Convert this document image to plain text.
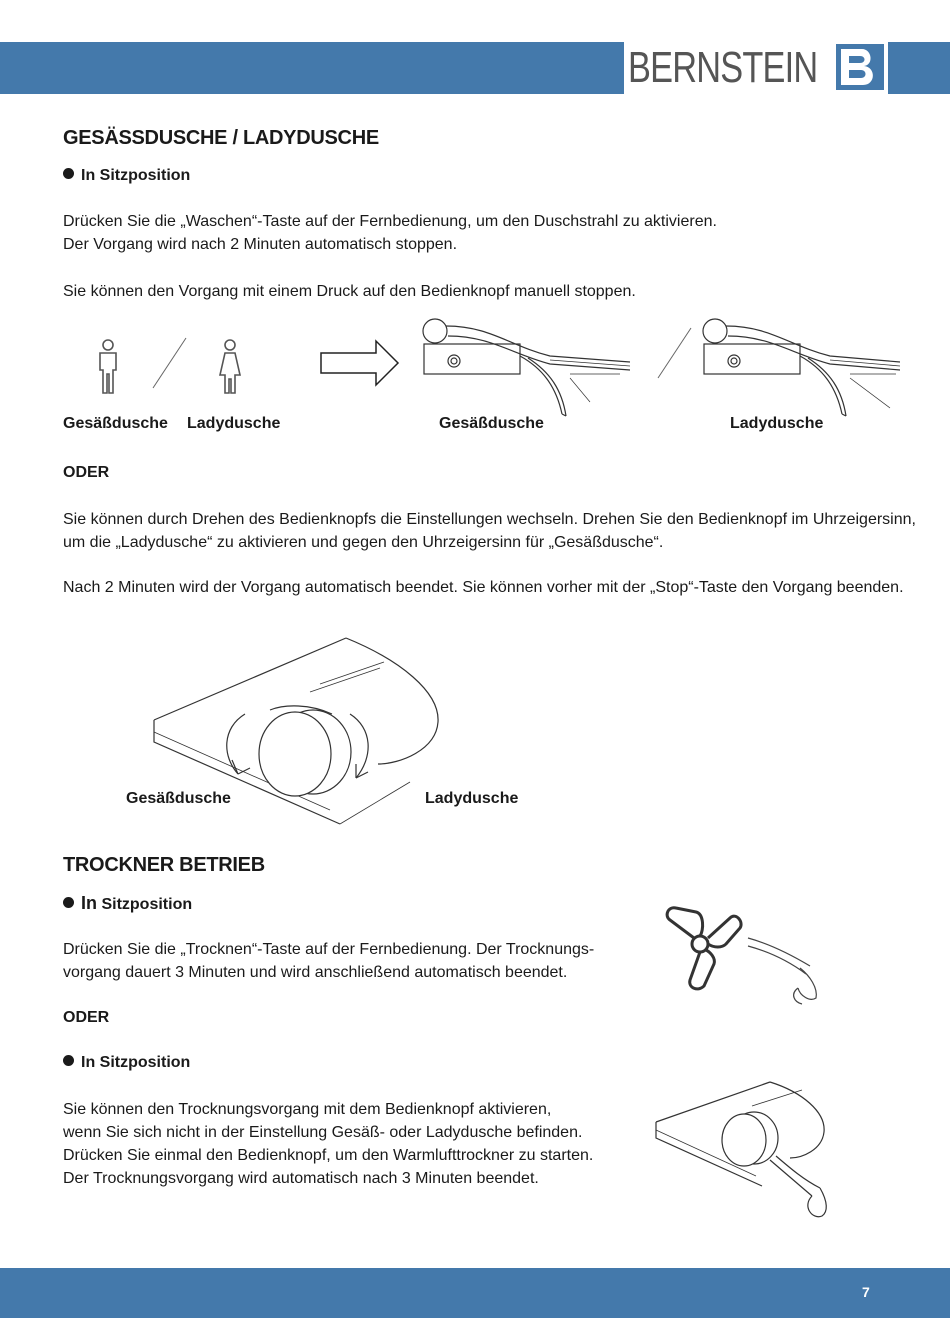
BERNSTEIN
GESÄSSDUSCHE / LADYDUSCHE
In Sitzposition
Drücken Sie die „Waschen“-Taste auf der Fernbedienung, um den Duschstrahl zu aktivieren.
Der Vorgang wird nach 2 Minuten automatisch stoppen.
Sie können den Vorgang mit einem Druck auf den Bedienknopf manuell stoppen.
Gesäßdusche Ladydusche	Gesäßdusche	Ladydusche
ODER
Sie können durch Drehen des Bedienknopfs die Einstellungen wechseln. Drehen Sie den Bedienknopf im Uhrzeigersinn,
um die „Ladydusche“ zu aktivieren und gegen den Uhrzeigersinn für „Gesäßdusche“.
Nach 2 Minuten wird der Vorgang automatisch beendet. Sie können vorher mit der „Stop“-Taste den Vorgang beenden.
Gesäßdusche	Ladydusche
TROCKNER BETRIEB
In Sitzposition
Drücken Sie die „Trocknen“-Taste auf der Fernbedienung. Der Trocknungs-
vorgang dauert 3 Minuten und wird anschließend automatisch beendet.
ODER
In Sitzposition
Sie können den Trocknungsvorgang mit dem Bedienknopf aktivieren,
wenn Sie sich nicht in der Einstellung Gesäß- oder Ladydusche befinden.
Drücken Sie einmal den Bedienknopf, um den Warmlufttrockner zu starten.
Der Trocknungsvorgang wird automatisch nach 3 Minuten beendet.
7
